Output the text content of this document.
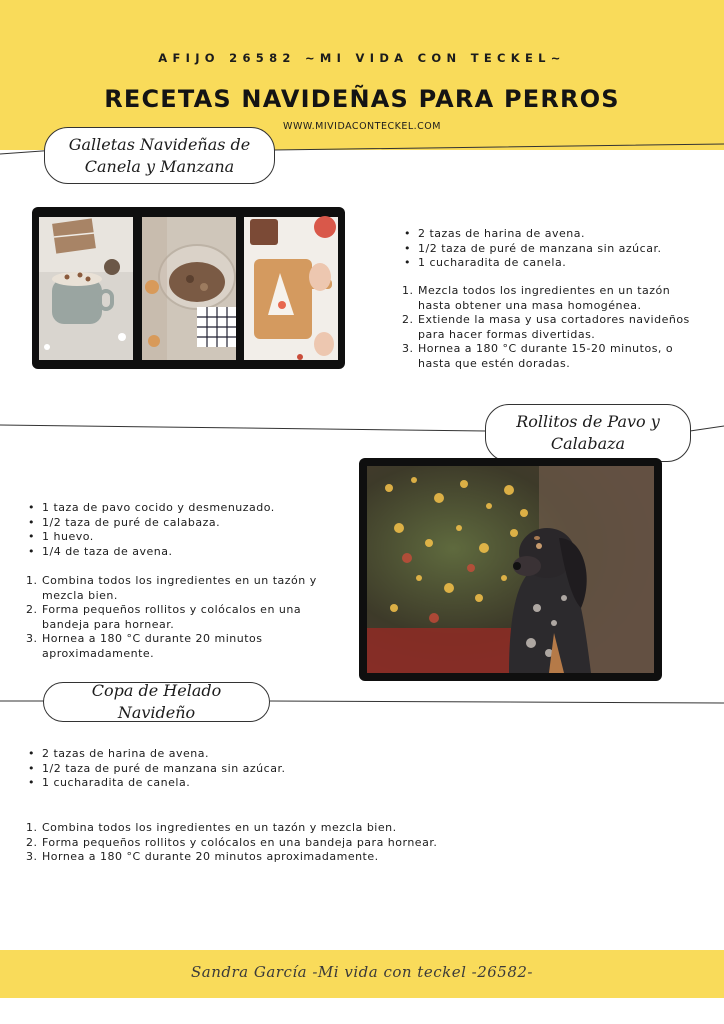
AFIJO 26582 ~MI VIDA CON TECKEL~
RECETAS NAVIDEÑAS PARA PERROS
WWW.MIVIDACONTECKEL.COM
Galletas Navideñas de
Canela y Manzana
• 2 tazas de harina de avena.
• 1/2 taza de puré de manzana sin azúcar.
• 1 cucharadita de canela.
Mezcla todos los ingredientes en un tazón hasta obtener una masa homogénea.
Extiende la masa y usa cortadores navideños para hacer formas divertidas.
Hornea a 180 °C durante 15-20 minutos, o hasta que estén doradas.
Rollitos de Pavo y
Calabaza
• 1 taza de pavo cocido y desmenuzado.
• 1/2 taza de puré de calabaza.
• 1 huevo.
• 1/4 de taza de avena.
Combina todos los ingredientes en un tazón y mezcla bien.
Forma pequeños rollitos y colócalos en una bandeja para hornear.
Hornea a 180 °C durante 20 minutos aproximadamente.
Copa de Helado Navideño
• 2 tazas de harina de avena.
• 1/2 taza de puré de manzana sin azúcar.
• 1 cucharadita de canela.
Combina todos los ingredientes en un tazón y mezcla bien.
Forma pequeños rollitos y colócalos en una bandeja para hornear.
Hornea a 180 °C durante 20 minutos aproximadamente.
Sandra García -Mi vida con teckel -26582-
